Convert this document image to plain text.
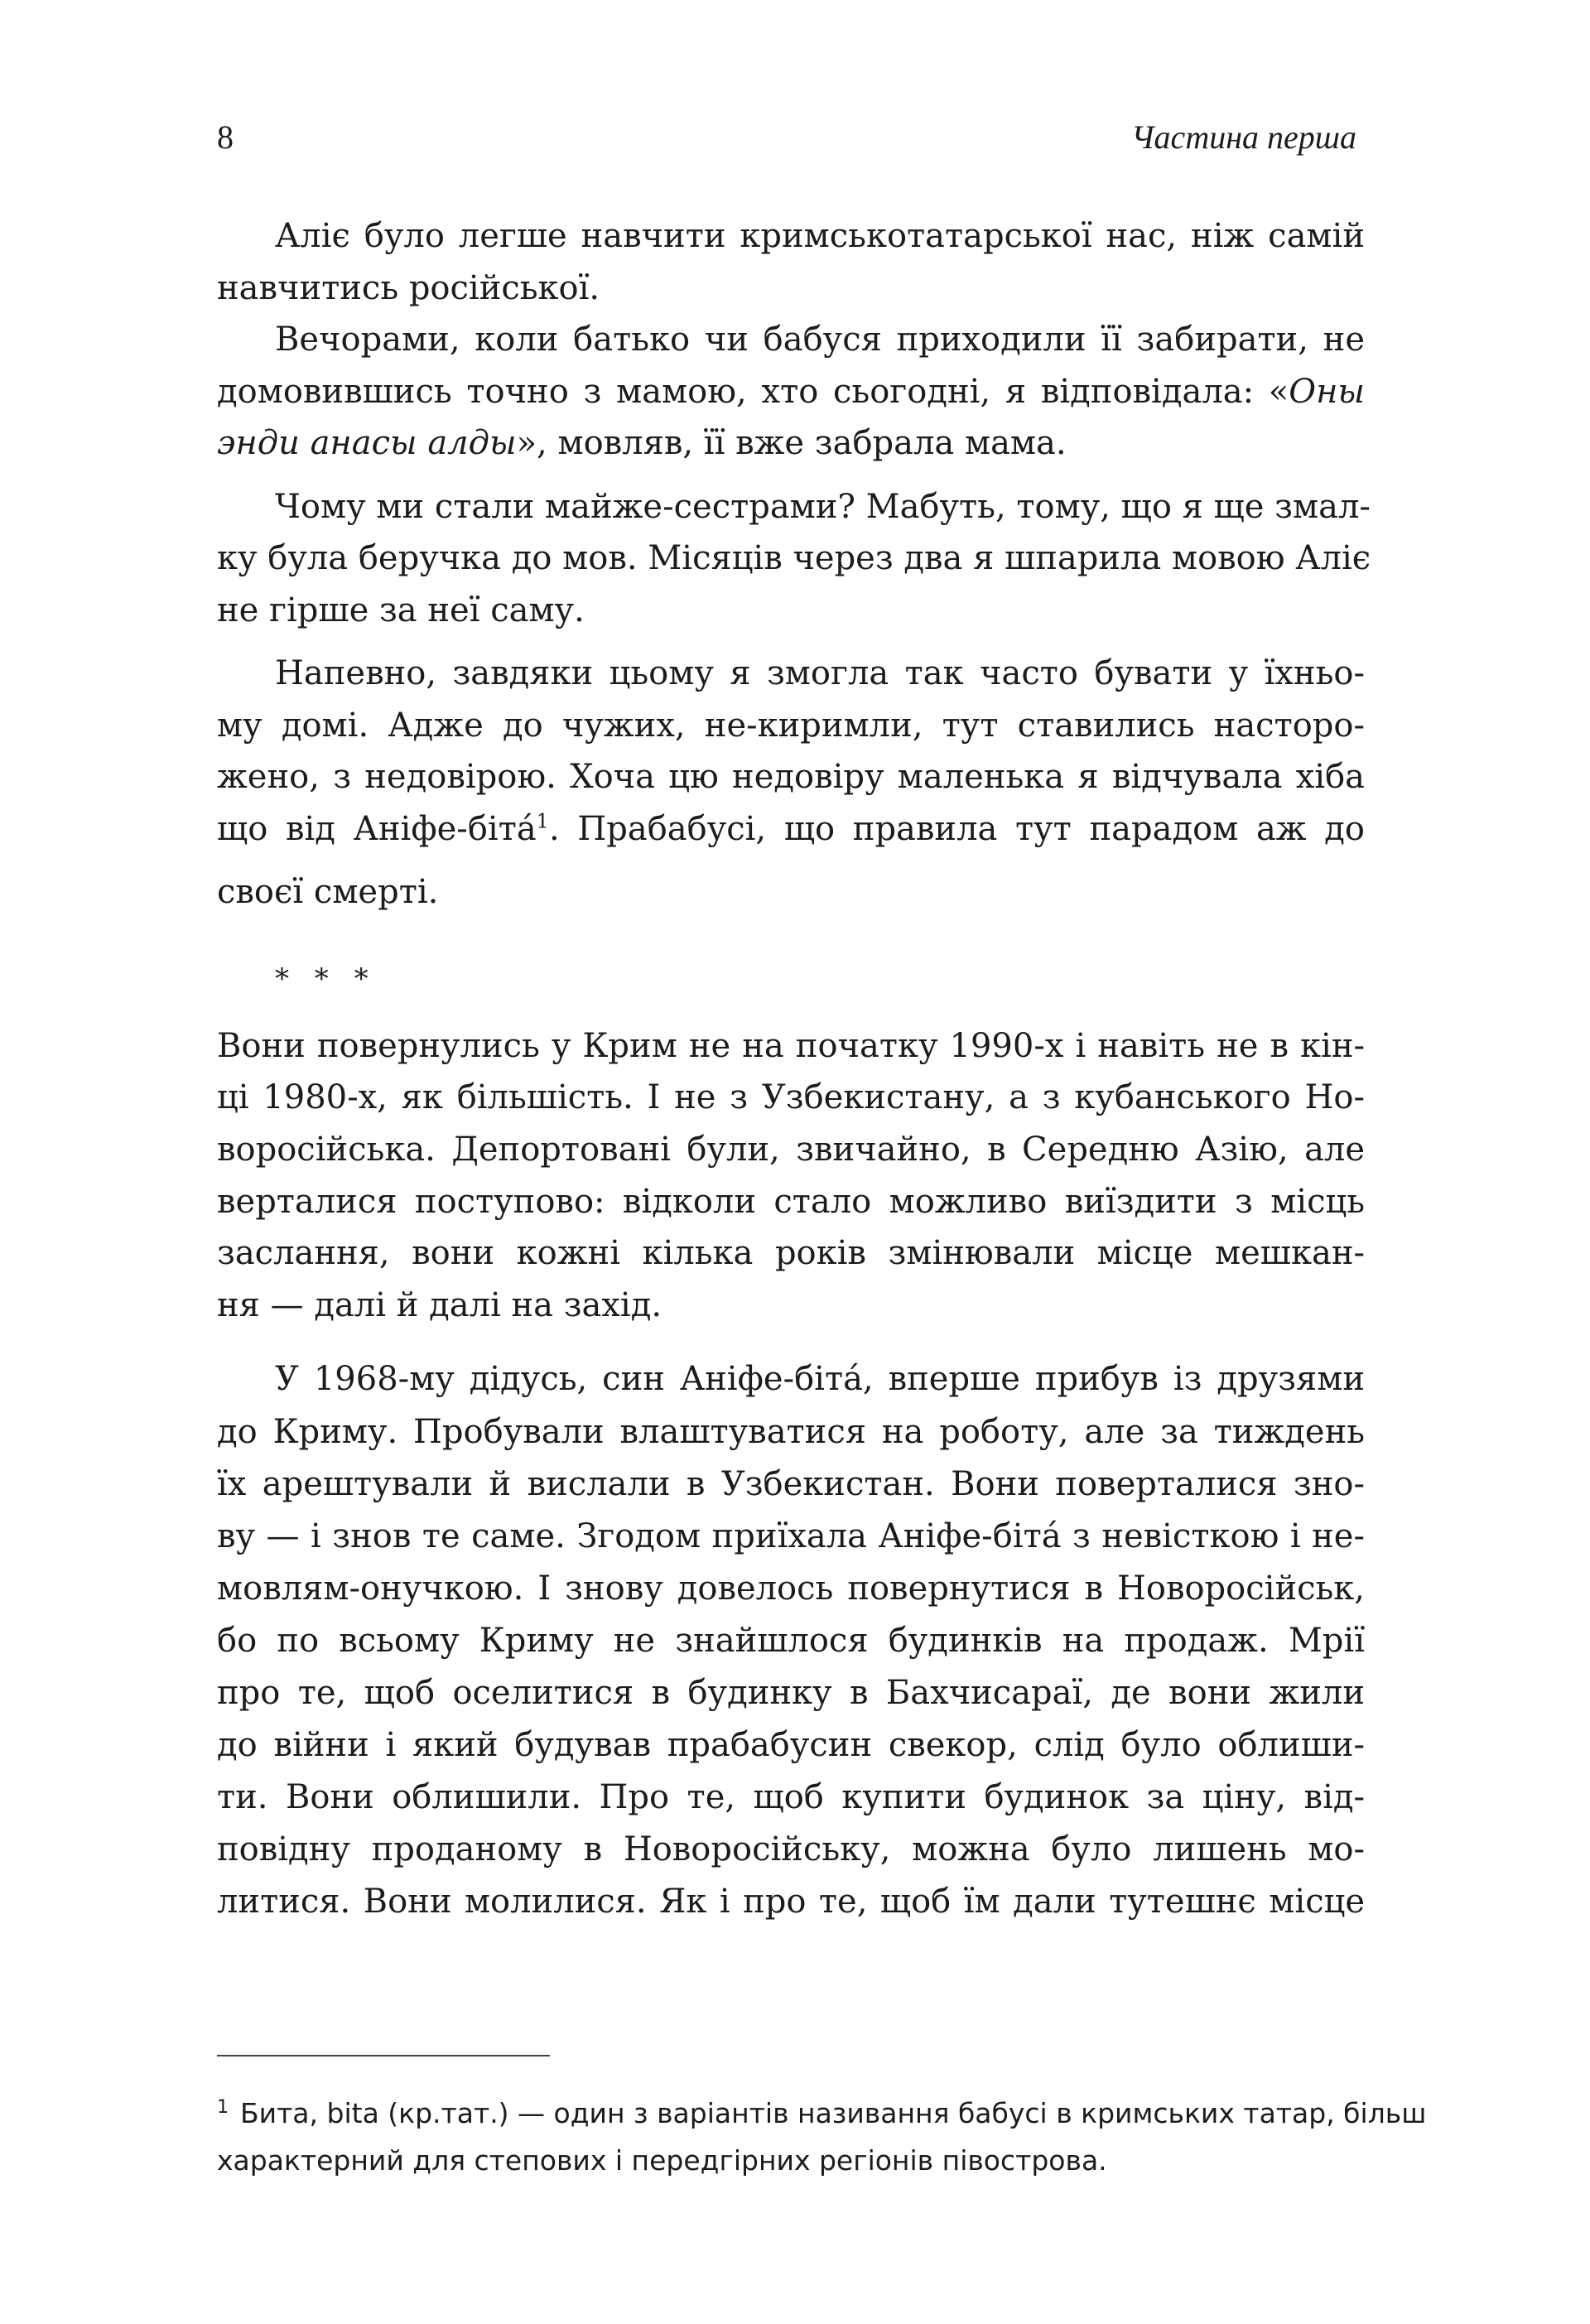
8	Частина перша
Аліє було легше навчити кримськотатарської нас, ніж самій
навчитись російської.
Вечорами, коли батько чи бабуся приходили її забирати, не
домовившись точно з мамою, хто сьогодні, я відповідала: «Оны
энди анасы алды», мовляв, її вже забрала мама.
Чому ми стали майже-сестрами? Мабуть, тому, що я ще змал-
ку була беручка до мов. Місяців через два я шпарила мовою Аліє
не гірше за неї саму.
Напевно, завдяки цьому я змогла так часто бувати у їхньо-
му домі. Адже до чужих, не-киримли, тут ставились насторо-
жено, з недовірою. Хоча цю недовіру маленька я відчувала хіба
що від Аніфе-бітá$^1$. Прабабусі, що правила тут парадом аж до
своєї смерті.
* * *
Вони повернулись у Крим не на початку 1990-х і навіть не в кін-
ці 1980-х, як більшість. І не з Узбекистану, а з кубанського Но-
воросійська. Депортовані були, звичайно, в Середню Азію, але
верталися поступово: відколи стало можливо виїздити з місць
заслання, вони кожні кілька років змінювали місце мешкан-
ня — далі й далі на захід.
У 1968-му дідусь, син Аніфе-бітá, вперше прибув із друзями
до Криму. Пробували влаштуватися на роботу, але за тиждень
їх арештували й вислали в Узбекистан. Вони поверталися зно-
ву — і знов те саме. Згодом приїхала Аніфе-бітá з невісткою і не-
мовлям-онучкою. І знову довелось повернутися в Новоросійськ,
бо по всьому Криму не знайшлося будинків на продаж. Мрії
про те, щоб оселитися в будинку в Бахчисараї, де вони жили
до війни і який будував прабабусин свекор, слід було облиши-
ти. Вони облишили. Про те, щоб купити будинок за ціну, від-
повідну проданому в Новоросійську, можна було лишень мо-
литися. Вони молилися. Як і про те, щоб їм дали тутешнє місце
$^1$ Бита, bita (кр.тат.) — один з варіантів називання бабусі в кримських татар, більш
характерний для степових і передгірних регіонів півострова.
